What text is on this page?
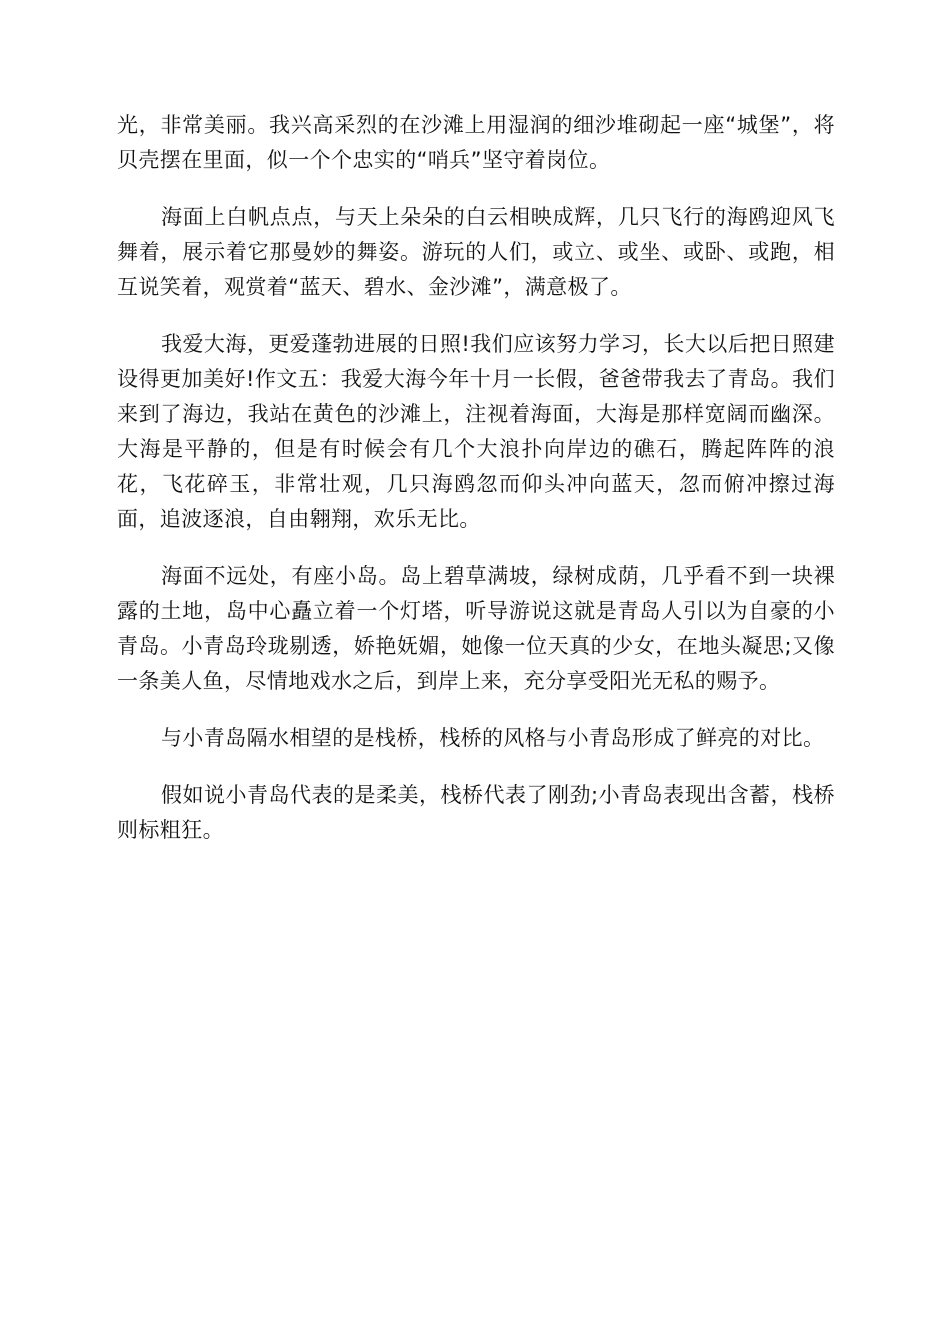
光，非常美丽。我兴高采烈的在沙滩上用湿润的细沙堆砌起一座“城堡”，将贝壳摆在里面，似一个个忠实的“哨兵”坚守着岗位。

海面上白帆点点，与天上朵朵的白云相映成辉，几只飞行的海鸥迎风飞舞着，展示着它那曼妙的舞姿。游玩的人们，或立、或坐、或卧、或跑，相互说笑着，观赏着“蓝天、碧水、金沙滩”，满意极了。

我爱大海，更爱蓬勃进展的日照!我们应该努力学习，长大以后把日照建设得更加美好!作文五：我爱大海今年十月一长假，爸爸带我去了青岛。我们来到了海边，我站在黄色的沙滩上，注视着海面，大海是那样宽阔而幽深。大海是平静的，但是有时候会有几个大浪扑向岸边的礁石，腾起阵阵的浪花，飞花碎玉，非常壮观，几只海鸥忽而仰头冲向蓝天，忽而俯冲擦过海面，追波逐浪，自由翱翔，欢乐无比。

海面不远处，有座小岛。岛上碧草满坡，绿树成荫，几乎看不到一块裸露的土地，岛中心矗立着一个灯塔，听导游说这就是青岛人引以为自豪的小青岛。小青岛玲珑剔透，娇艳妩媚，她像一位天真的少女，在地头凝思;又像一条美人鱼，尽情地戏水之后，到岸上来，充分享受阳光无私的赐予。

与小青岛隔水相望的是栈桥，栈桥的风格与小青岛形成了鲜亮的对比。

假如说小青岛代表的是柔美，栈桥代表了刚劲;小青岛表现出含蓄，栈桥则标粗狂。
